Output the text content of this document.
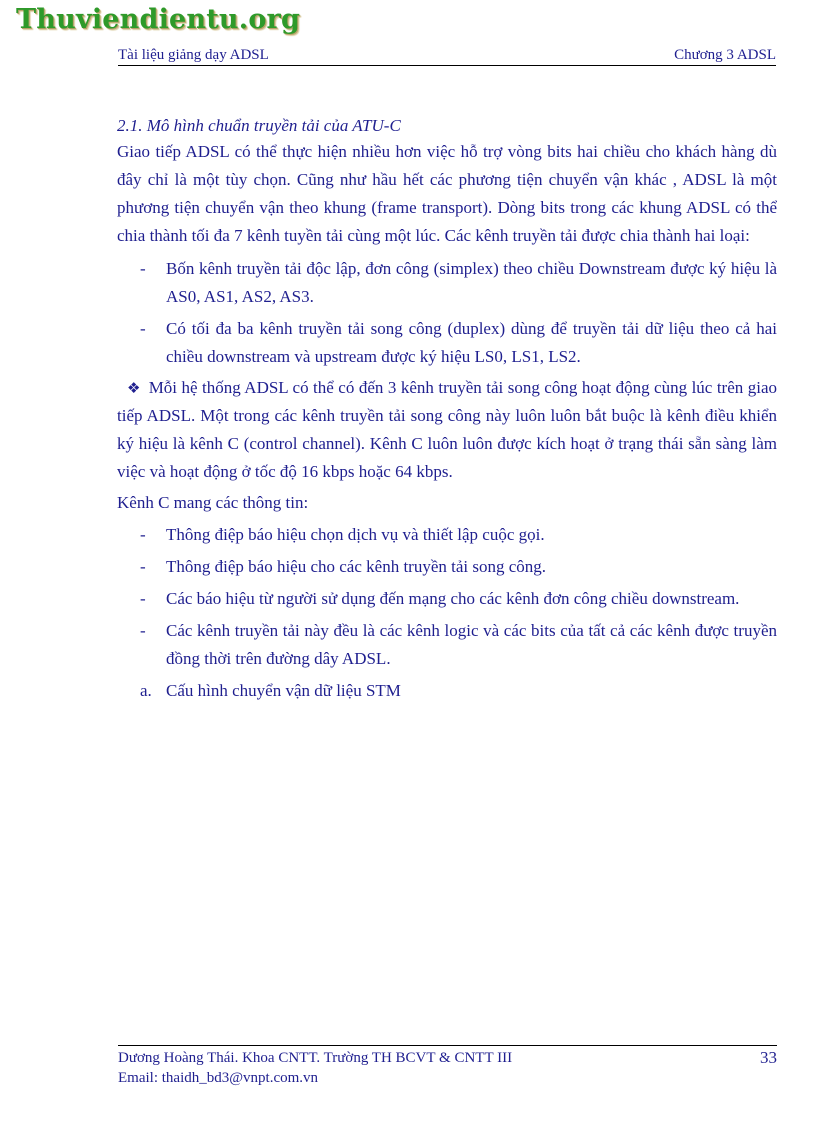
Thuviendientu.org
Tài liệu giảng dạy ADSL	Chương 3 ADSL

2.1. Mô hình chuẩn truyền tải của ATU-C

Giao tiếp ADSL có thể thực hiện nhiều hơn việc hỗ trợ vòng bits hai chiều cho khách hàng dù đây chỉ là một tùy chọn. Cũng như hầu hết các phương tiện chuyển vận khác , ADSL là một phương tiện chuyển vận theo khung (frame transport). Dòng bits trong các khung ADSL có thể chia thành tối đa 7 kênh tuyền tải cùng một lúc. Các kênh truyền tải được chia thành hai loại:

- Bốn kênh truyền tải độc lập, đơn công (simplex) theo chiều Downstream được ký hiệu là AS0, AS1, AS2, AS3.
- Có tối đa ba kênh truyền tải song công (duplex) dùng để truyền tải dữ liệu theo cả hai chiều downstream và upstream được ký hiệu LS0, LS1, LS2.

❖ Mỗi hệ thống ADSL có thể có đến 3 kênh truyền tải song công hoạt động cùng lúc trên giao tiếp ADSL. Một trong các kênh truyền tải song công này luôn luôn bắt buộc là kênh điều khiển ký hiệu là kênh C (control channel). Kênh C luôn luôn được kích hoạt ở trạng thái sẵn sàng làm việc và hoạt động ở tốc độ 16 kbps hoặc 64 kbps.

Kênh C mang các thông tin:

- Thông điệp báo hiệu chọn dịch vụ và thiết lập cuộc gọi.
- Thông điệp báo hiệu cho các kênh truyền tải song công.
- Các báo hiệu từ người sử dụng đến mạng cho các kênh đơn công chiều downstream.
- Các kênh truyền tải này đều là các kênh logic và các bits của tất cả các kênh được truyền đồng thời trên đường dây ADSL.
a. Cấu hình chuyển vận dữ liệu STM
Dương Hoàng Thái. Khoa CNTT. Trường TH BCVT & CNTT III
Email: thaidh_bd3@vnpt.com.vn
33
